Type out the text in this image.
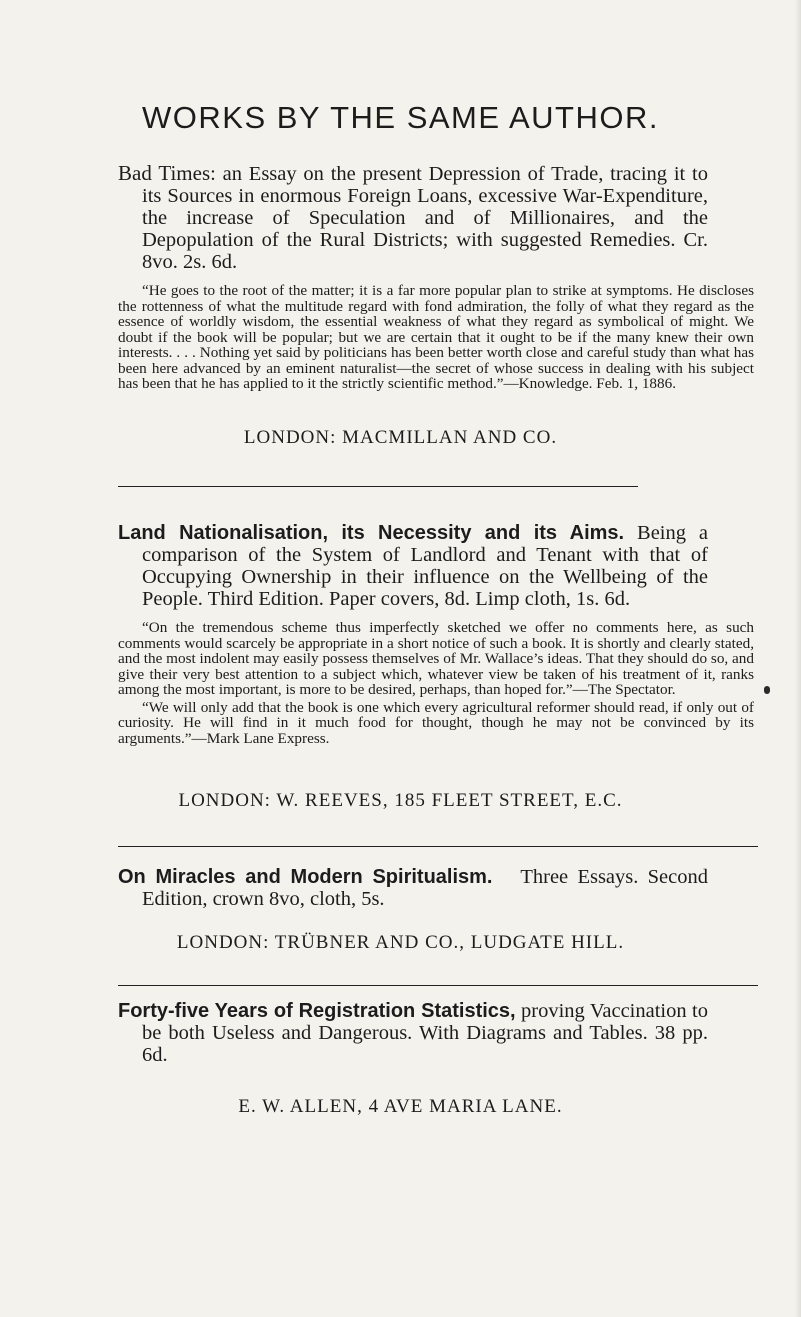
WORKS BY THE SAME AUTHOR.

Bad Times: an Essay on the present Depression of Trade, tracing it to its Sources in enormous Foreign Loans, excessive War-Expenditure, the increase of Speculation and of Millionaires, and the Depopulation of the Rural Districts; with suggested Remedies. Cr. 8vo. 2s. 6d.

“He goes to the root of the matter; it is a far more popular plan to strike at symptoms. He discloses the rottenness of what the multitude regard with fond admiration, the folly of what they regard as the essence of worldly wisdom, the essential weakness of what they regard as symbolical of might. We doubt if the book will be popular; but we are certain that it ought to be if the many knew their own interests. . . . Nothing yet said by politicians has been better worth close and careful study than what has been here advanced by an eminent naturalist—the secret of whose success in dealing with his subject has been that he has applied to it the strictly scientific method.”—Knowledge. Feb. 1, 1886.

LONDON: MACMILLAN AND CO.

Land Nationalisation, its Necessity and its Aims. Being a comparison of the System of Landlord and Tenant with that of Occupying Ownership in their influence on the Wellbeing of the People. Third Edition. Paper covers, 8d. Limp cloth, 1s. 6d.

“On the tremendous scheme thus imperfectly sketched we offer no comments here, as such comments would scarcely be appropriate in a short notice of such a book. It is shortly and clearly stated, and the most indolent may easily possess themselves of Mr. Wallace’s ideas. That they should do so, and give their very best attention to a subject which, whatever view be taken of his treatment of it, ranks among the most important, is more to be desired, perhaps, than hoped for.”—The Spectator.

“We will only add that the book is one which every agricultural reformer should read, if only out of curiosity. He will find in it much food for thought, though he may not be convinced by its arguments.”—Mark Lane Express.

LONDON: W. REEVES, 185 FLEET STREET, E.C.

On Miracles and Modern Spiritualism. Three Essays. Second Edition, crown 8vo, cloth, 5s.

LONDON: TRÜBNER AND CO., LUDGATE HILL.

Forty-five Years of Registration Statistics, proving Vaccination to be both Useless and Dangerous. With Diagrams and Tables. 38 pp. 6d.

E. W. ALLEN, 4 AVE MARIA LANE.
